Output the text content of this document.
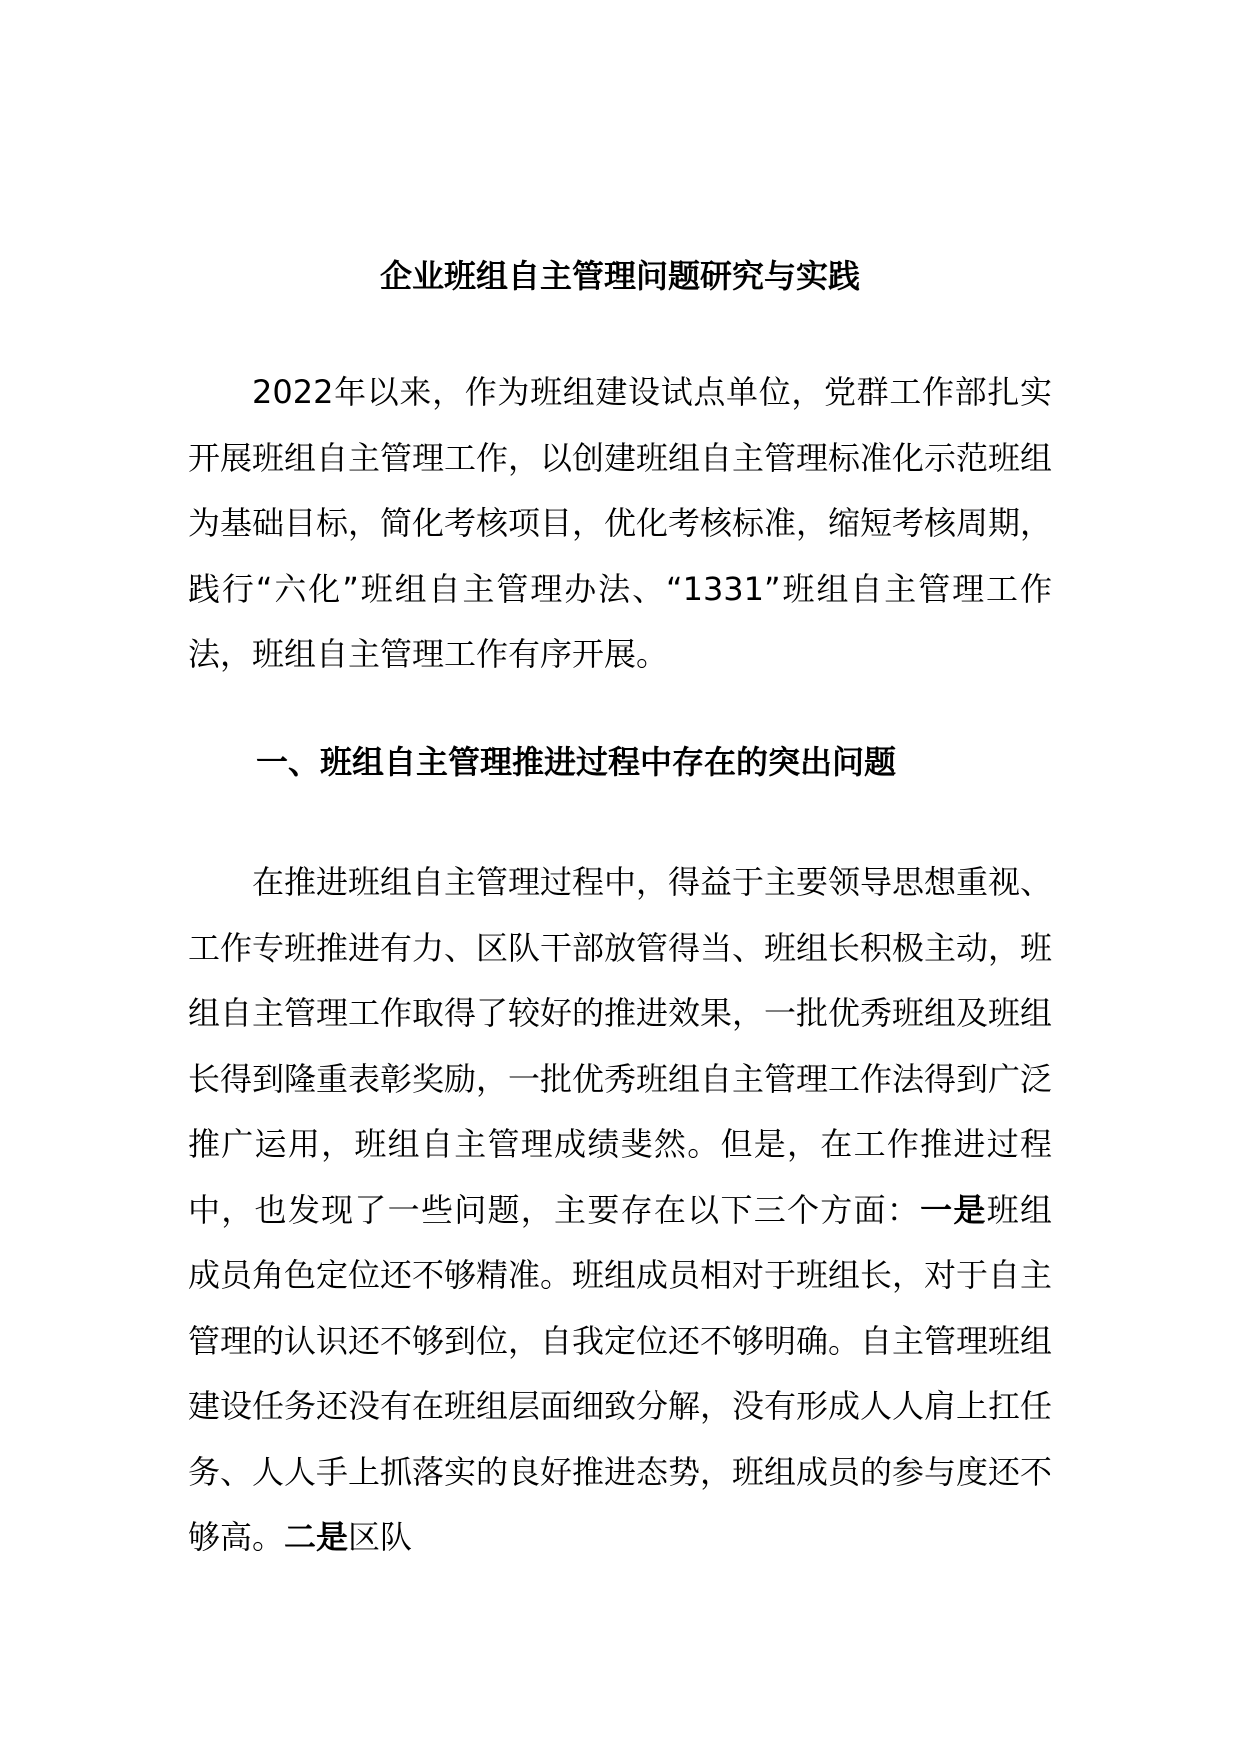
企业班组自主管理问题研究与实践

2022年以来，作为班组建设试点单位，党群工作部扎实开展班组自主管理工作，以创建班组自主管理标准化示范班组为基础目标，简化考核项目，优化考核标准，缩短考核周期，践行“六化”班组自主管理办法、“1331”班组自主管理工作法，班组自主管理工作有序开展。

一、班组自主管理推进过程中存在的突出问题

在推进班组自主管理过程中，得益于主要领导思想重视、工作专班推进有力、区队干部放管得当、班组长积极主动，班组自主管理工作取得了较好的推进效果，一批优秀班组及班组长得到隆重表彰奖励，一批优秀班组自主管理工作法得到广泛推广运用，班组自主管理成绩斐然。但是，在工作推进过程中，也发现了一些问题，主要存在以下三个方面：一是班组成员角色定位还不够精准。班组成员相对于班组长，对于自主管理的认识还不够到位，自我定位还不够明确。自主管理班组建设任务还没有在班组层面细致分解，没有形成人人肩上扛任务、人人手上抓落实的良好推进态势，班组成员的参与度还不够高。二是区队
